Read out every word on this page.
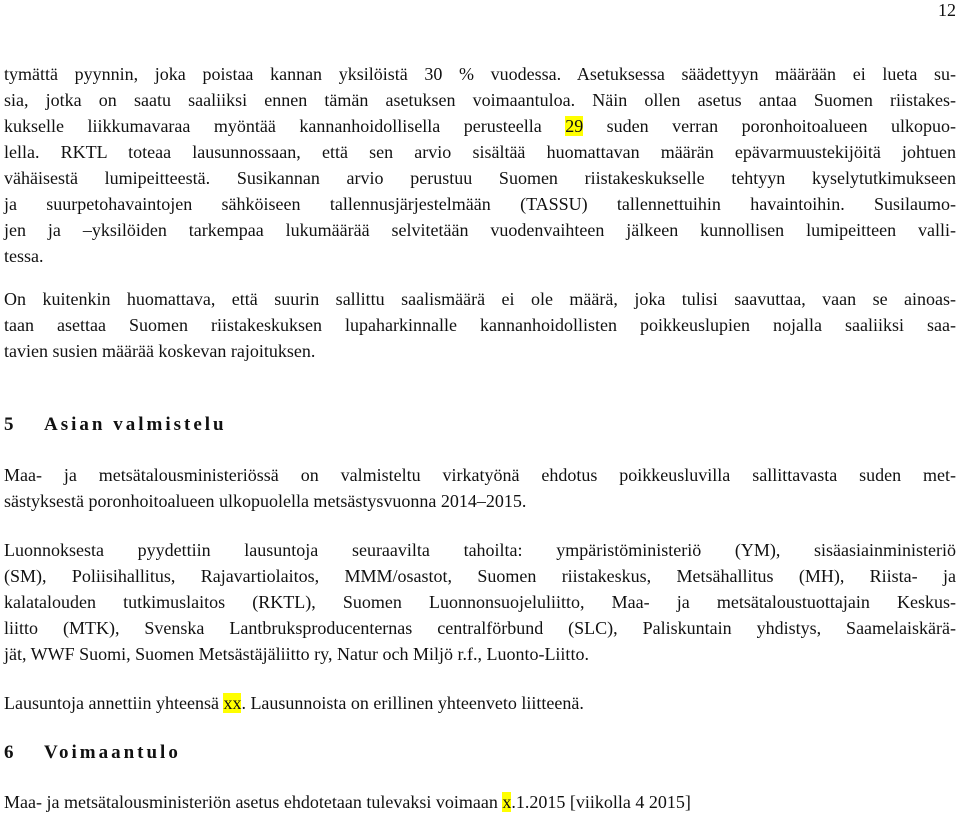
12
tymättä pyynnin, joka poistaa kannan yksilöistä 30 % vuodessa. Asetuksessa säädettyyn määrään ei lueta su-
sia, jotka on saatu saaliiksi ennen tämän asetuksen voimaantuloa. Näin ollen asetus antaa Suomen riistakes-
kukselle liikkumavaraa myöntää kannanhoidollisella perusteella 29 suden verran poronhoitoalueen ulkopuo-
lella. RKTL toteaa lausunnossaan, että sen arvio sisältää huomattavan määrän epävarmuustekijöitä johtuen
vähäisestä lumipeitteestä. Susikannan arvio perustuu Suomen riistakeskukselle tehtyyn kyselytutkimukseen
ja suurpetohavaintojen sähköiseen tallennusjärjestelmään (TASSU) tallennettuihin havaintoihin. Susilaumo-
jen ja –yksilöiden tarkempaa lukumäärää selvitetään vuodenvaihteen jälkeen kunnollisen lumipeitteen valli-
tessa.
On kuitenkin huomattava, että suurin sallittu saalismäärä ei ole määrä, joka tulisi saavuttaa, vaan se ainoas-
taan asettaa Suomen riistakeskuksen lupaharkinnalle kannanhoidollisten poikkeuslupien nojalla saaliiksi saa-
tavien susien määrää koskevan rajoituksen.
5 Asian valmistelu
Maa- ja metsätalousministeriössä on valmisteltu virkatyönä ehdotus poikkeusluvilla sallittavasta suden met-
sästyksestä poronhoitoalueen ulkopuolella metsästysvuonna 2014–2015.
Luonnoksesta pyydettiin lausuntoja seuraavilta tahoilta: ympäristöministeriö (YM), sisäasiainministeriö
(SM), Poliisihallitus, Rajavartiolaitos, MMM/osastot, Suomen riistakeskus, Metsähallitus (MH), Riista- ja
kalatalouden tutkimuslaitos (RKTL), Suomen Luonnonsuojeluliitto, Maa- ja metsätaloustuottajain Keskus-
liitto (MTK), Svenska Lantbruksproducenternas centralförbund (SLC), Paliskuntain yhdistys, Saamelaiskärä-
jät, WWF Suomi, Suomen Metsästäjäliitto ry, Natur och Miljö r.f., Luonto-Liitto.
Lausuntoja annettiin yhteensä xx. Lausunnoista on erillinen yhteenveto liitteenä.
6 Voimaantulo
Maa- ja metsätalousministeriön asetus ehdotetaan tulevaksi voimaan x.1.2015 [viikolla 4 2015]
